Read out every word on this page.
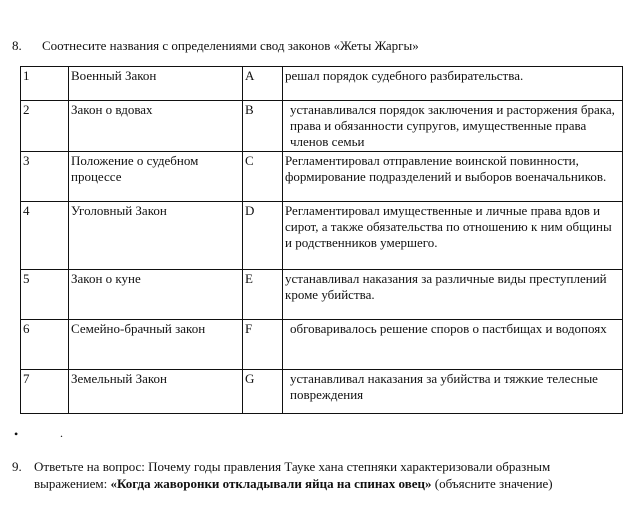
8. Соотнесите названия с определениями свод законов «Жеты Жаргы»
1	Военный Закон	A	решал порядок судебного разбирательства.
2	Закон о вдовах	B	устанавливался порядок заключения и расторжения брака, права и обязанности супругов, имущественные права членов семьи
3	Положение о судебном процессе	C	Регламентировал отправление воинской повинности, формирование подразделений и выборов военачальников.
4	Уголовный Закон	D	Регламентировал имущественные и личные права вдов и сирот, а также обязательства по отношению к ним общины и родственников умершего.
5	Закон о куне	E	устанавливал наказания за различные виды преступлений кроме убийства.
6	Семейно-брачный закон	F	обговаривалось решение споров о пастбищах и водопоях
7	Земельный Закон	G	устанавливал наказания за убийства и тяжкие телесные повреждения
•	.
9. Ответьте на вопрос: Почему годы правления Тауке хана степняки характеризовали образным
выражением: «Когда жаворонки откладывали яйца на спинах овец» (объясните значение)
